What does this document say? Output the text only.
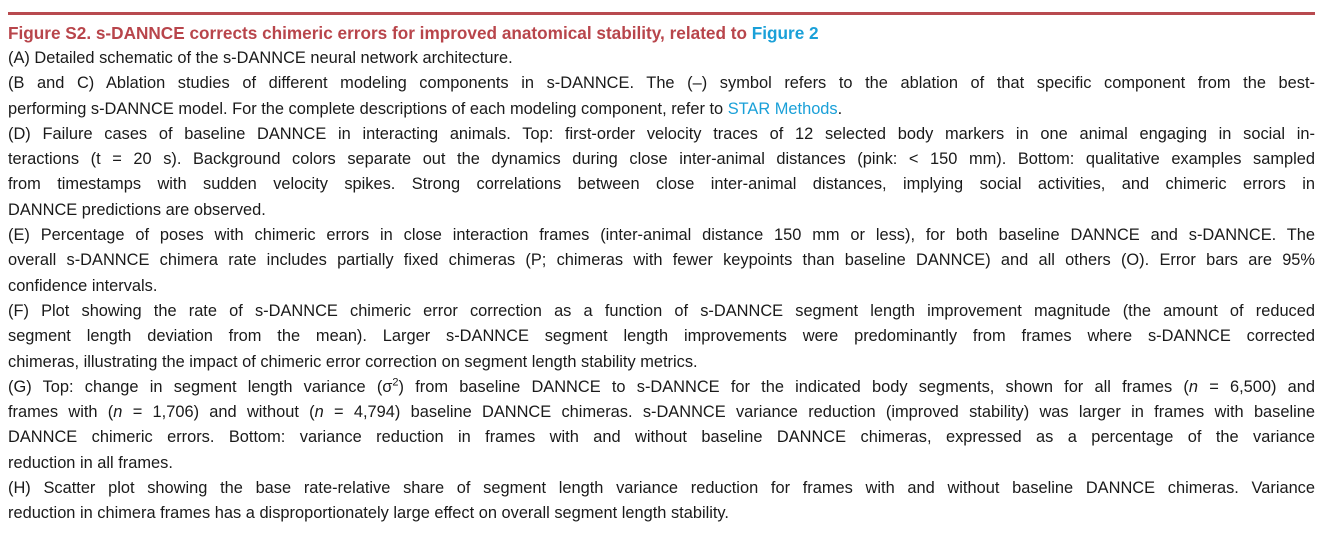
Figure S2. s-DANNCE corrects chimeric errors for improved anatomical stability, related to Figure 2
(A) Detailed schematic of the s-DANNCE neural network architecture.
(B and C) Ablation studies of different modeling components in s-DANNCE. The (–) symbol refers to the ablation of that specific component from the best-
performing s-DANNCE model. For the complete descriptions of each modeling component, refer to STAR Methods.
(D) Failure cases of baseline DANNCE in interacting animals. Top: first-order velocity traces of 12 selected body markers in one animal engaging in social in-
teractions (t = 20 s). Background colors separate out the dynamics during close inter-animal distances (pink: < 150 mm). Bottom: qualitative examples sampled
from timestamps with sudden velocity spikes. Strong correlations between close inter-animal distances, implying social activities, and chimeric errors in
DANNCE predictions are observed.
(E) Percentage of poses with chimeric errors in close interaction frames (inter-animal distance 150 mm or less), for both baseline DANNCE and s-DANNCE. The
overall s-DANNCE chimera rate includes partially fixed chimeras (P; chimeras with fewer keypoints than baseline DANNCE) and all others (O). Error bars are 95%
confidence intervals.
(F) Plot showing the rate of s-DANNCE chimeric error correction as a function of s-DANNCE segment length improvement magnitude (the amount of reduced
segment length deviation from the mean). Larger s-DANNCE segment length improvements were predominantly from frames where s-DANNCE corrected
chimeras, illustrating the impact of chimeric error correction on segment length stability metrics.
(G) Top: change in segment length variance $(\sigma^2)$ from baseline DANNCE to s-DANNCE for the indicated body segments, shown for all frames (n = 6,500) and
frames with (n = 1,706) and without (n = 4,794) baseline DANNCE chimeras. s-DANNCE variance reduction (improved stability) was larger in frames with baseline
DANNCE chimeric errors. Bottom: variance reduction in frames with and without baseline DANNCE chimeras, expressed as a percentage of the variance
reduction in all frames.
(H) Scatter plot showing the base rate-relative share of segment length variance reduction for frames with and without baseline DANNCE chimeras. Variance
reduction in chimera frames has a disproportionately large effect on overall segment length stability.
